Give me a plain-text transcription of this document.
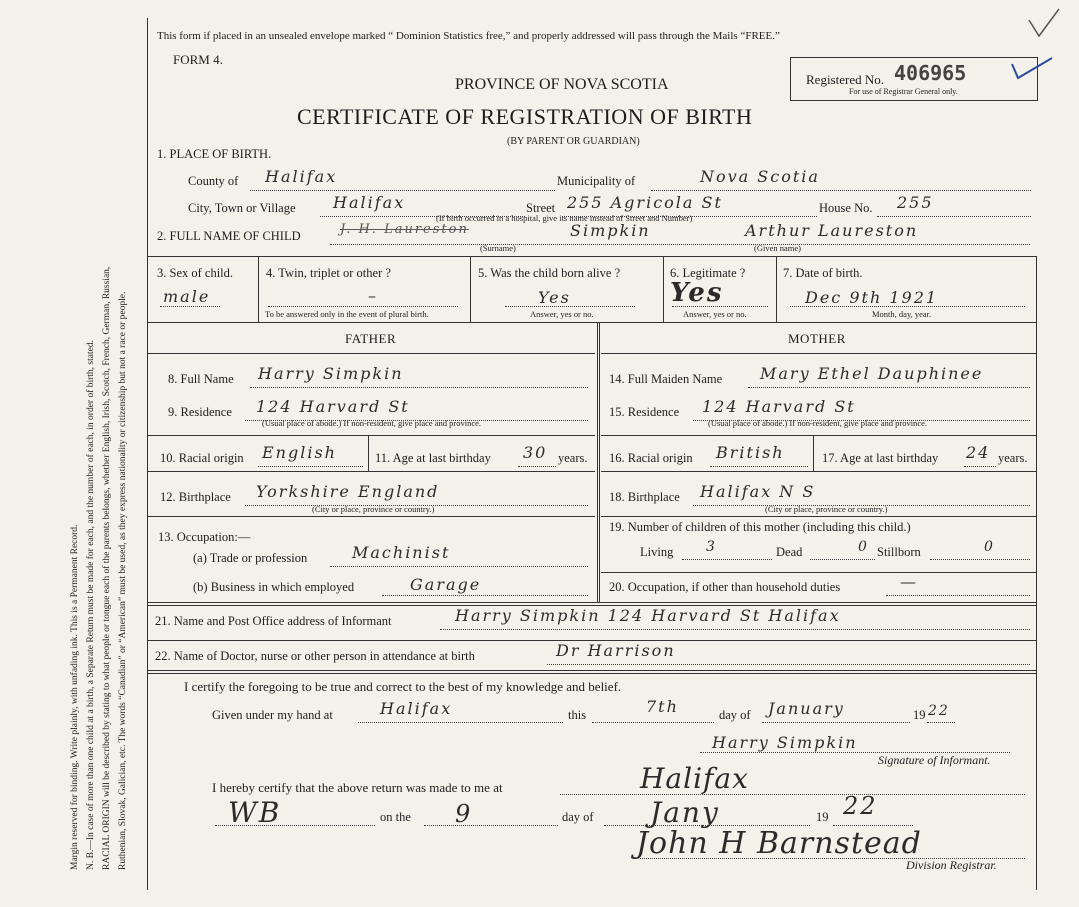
Margin reserved for binding. Write plainly, with unfading ink. This is a Permanent Record. N. B.—In case of more than one child at a birth, a Separate Return must be made for each, and the number of each, in order of birth, stated. RACIAL ORIGIN will be described by stating to what people or tongue each of the parents belongs, whether English, Irish, Scotch, French, German, Russian, Ruthenian, Slovak, Galician, etc. The words “Canadian” or “American” must be used, as they express nationality or citizenship but not a race or people.
This form if placed in an unsealed envelope marked “ Dominion Statistics free,” and properly addressed will pass through the Mails “FREE.”
FORM 4.
PROVINCE OF NOVA SCOTIA
CERTIFICATE OF REGISTRATION OF BIRTH
(BY PARENT OR GUARDIAN)
Registered No. 406965
For use of Registrar General only.
1. PLACE OF BIRTH.
County of Halifax	Municipality of	Nova Scotia
City, Town or Village Halifax	Street 255 Agricola St
(If birth occurred in a hospital, give its name instead of Street and Number)
House No. 255
2. FULL NAME OF CHILD	J. H. Laureston	Simpkin
(Surname)
Arthur Laureston
(Given name)
3. Sex of child.
male
4. Twin, triplet or other ?
–
To be answered only in the event of plural birth.
5. Was the child born alive ?
Yes
Answer, yes or no.
6. Legitimate ?
Yes
Answer, yes or no.
7. Date of birth.
Dec 9th 1921
Month, day, year.
FATHER	MOTHER
8. Full Name Harry Simpkin
9. Residence 124 Harvard St
(Usual place of abode.) If non-resident, give place and province.
10. Racial origin English	11. Age at last birthday 30 years.
12. Birthplace Yorkshire England
(City or place, province or country.)
13. Occupation:—
(a) Trade or profession	Machinist
(b) Business in which employed	Garage
14. Full Maiden Name Mary Ethel Dauphinee
15. Residence 124 Harvard St
(Usual place of abode.) If non-resident, give place and province.
16. Racial origin British	17. Age at last birthday 24 years.
18. Birthplace Halifax N S
(City or place, province or country.)
19. Number of children of this mother (including this child.)
Living 3	Dead	0 Stillborn	0
20. Occupation, if other than household duties	—
21. Name and Post Office address of Informant	Harry Simpkin 124 Harvard St Halifax
22. Name of Doctor, nurse or other person in attendance at birth	Dr Harrison
I certify the foregoing to be true and correct to the best of my knowledge and belief.
Given under my hand at	Halifax	this	7th	day of January	19 22
Harry Simpkin
Signature of Informant.
I hereby certify that the above return was made to me at	Halifax
WB	on the 9	day of Jany	19 22
John H Barnstead
Division Registrar.
